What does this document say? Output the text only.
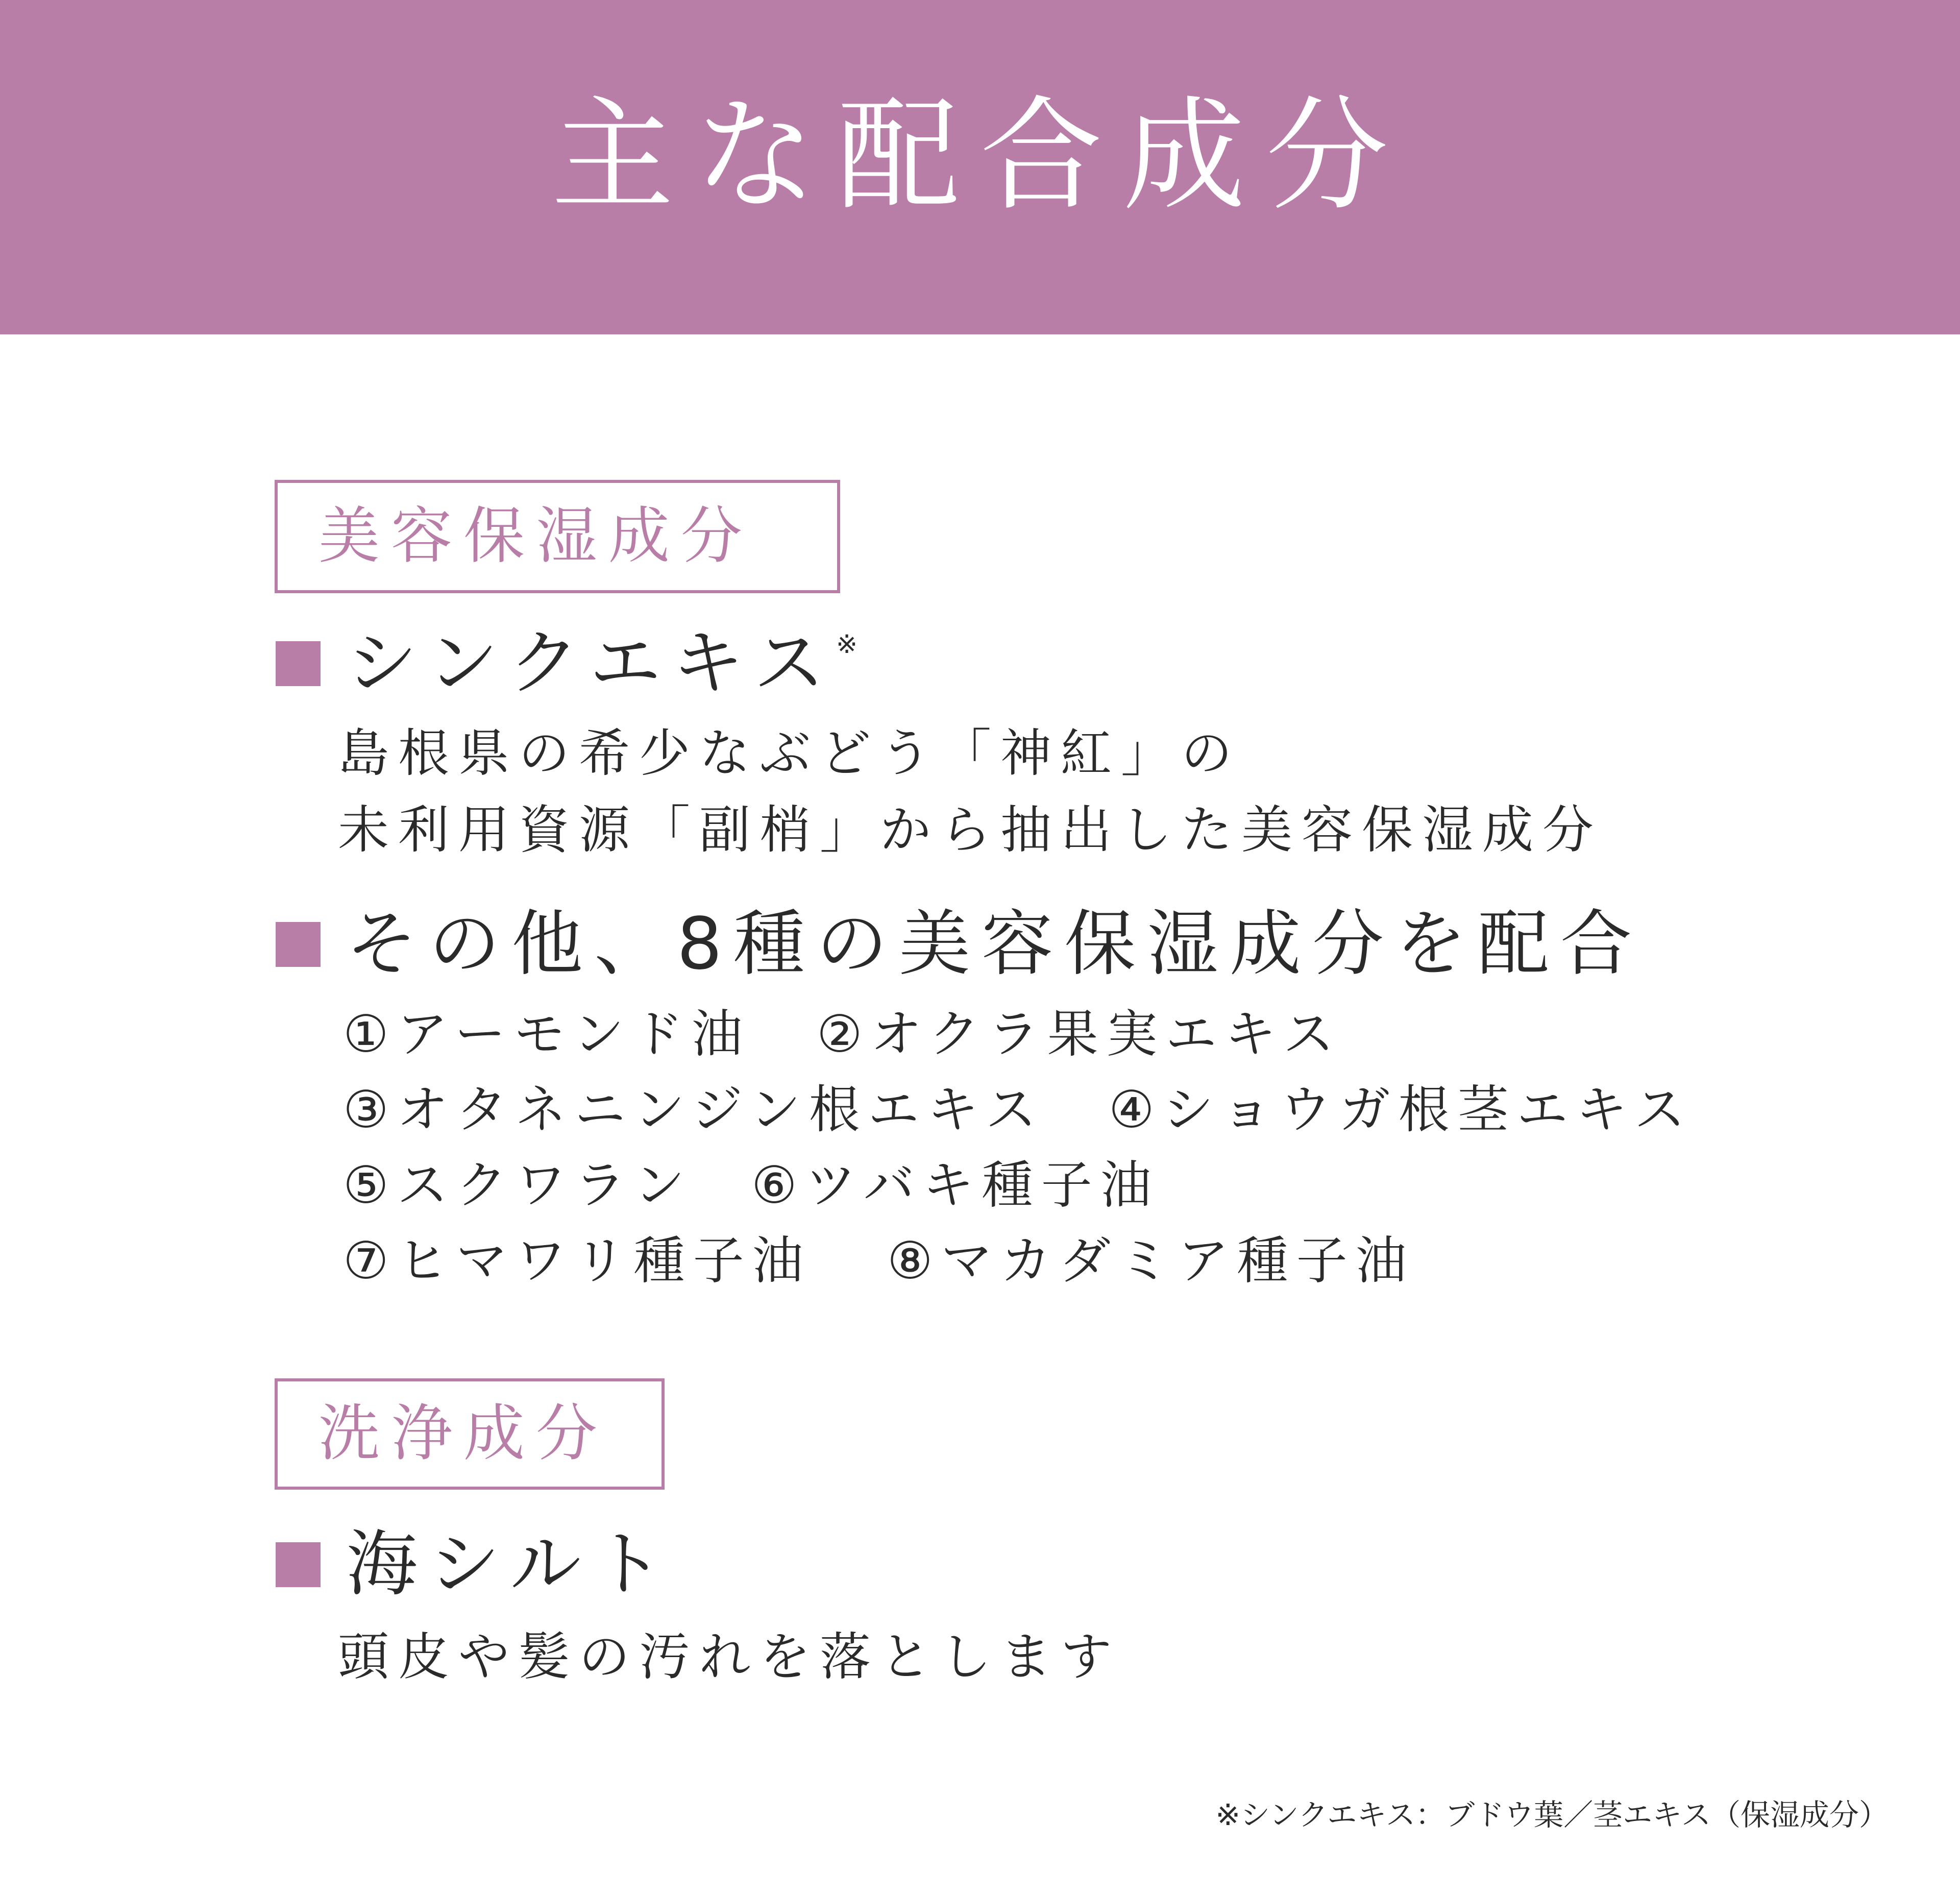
主な配合成分
美容保湿成分
シンクエキス ※
島根県の希少なぶどう「神紅」の
未利用資源「副梢」から抽出した美容保湿成分
その他、8種の美容保湿成分を配合
①アーモンド油 ②オクラ果実エキス
③オタネニンジン根エキス ④ショウガ根茎エキス
⑤スクワラン ⑥ツバキ種子油
⑦ヒマワリ種子油 ⑧マカダミア種子油
洗浄成分
海シルト
頭皮や髪の汚れを落とします
※シンクエキス：ブドウ葉／茎エキス（保湿成分）
